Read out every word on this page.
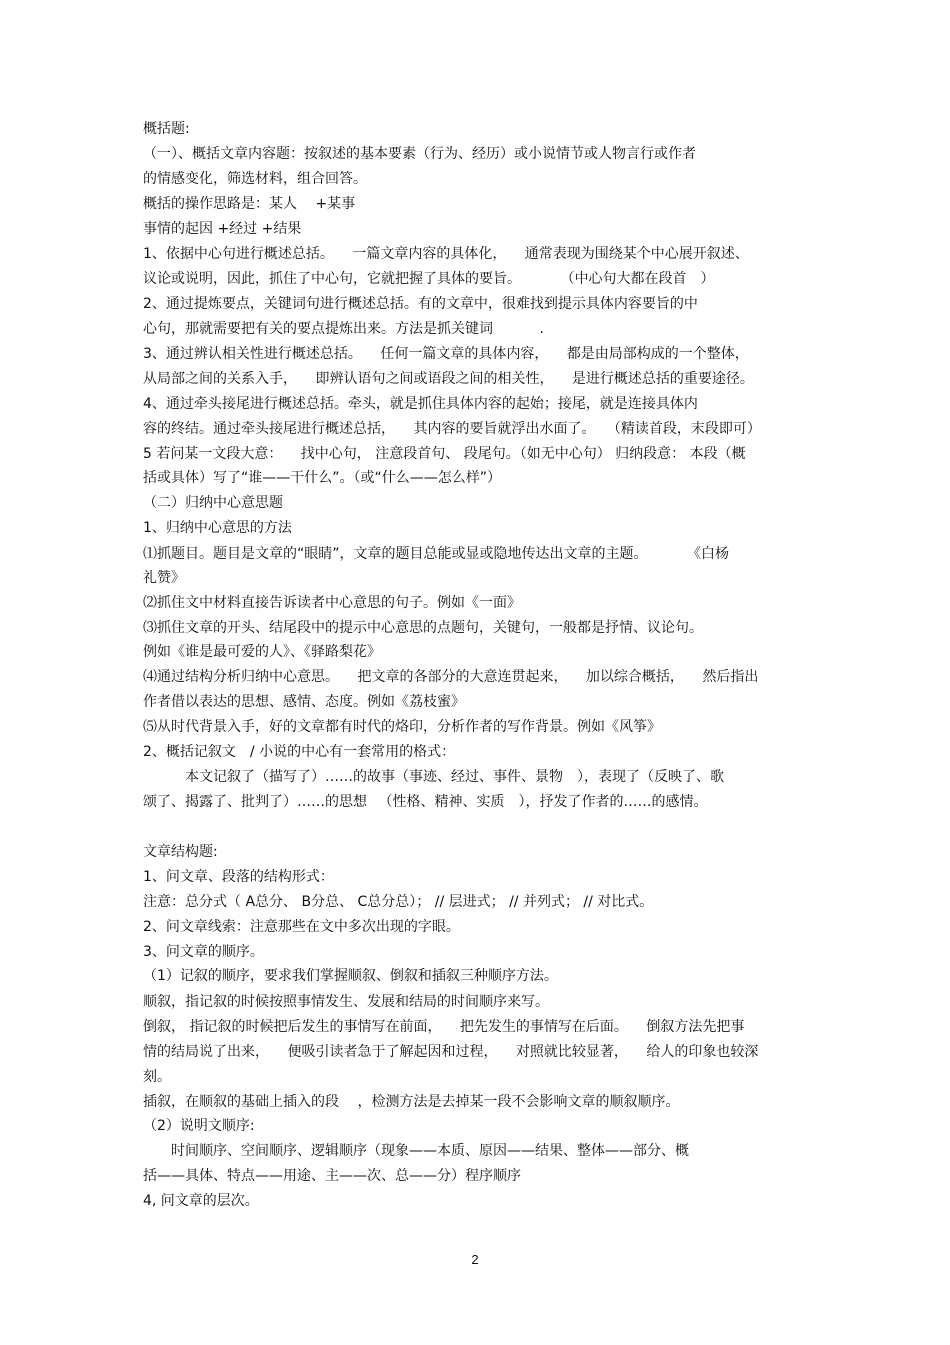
概括题:
（一）、概括文章内容题：按叙述的基本要素（行为、经历）或小说情节或人物言行或作者
的情感变化，筛选材料，组合回答。
概括的操作思路是：某人 　+某事
事情的起因 +经过 +结果
1、依据中心句进行概述总括。 　一篇文章内容的具体化， 　通常表现为围绕某个中心展开叙述、
议论或说明，因此，抓住了中心句，它就把握了具体的要旨。 　　　（中心句大都在段首　）
2、通过提炼要点，关键词句进行概述总括。有的文章中，很难找到提示具体内容要旨的中
心句，那就需要把有关的要点提炼出来。方法是抓关键词 　　　.
3、通过辨认相关性进行概述总括。 　任何一篇文章的具体内容， 　都是由局部构成的一个整体，
从局部之间的关系入手， 　即辨认语句之间或语段之间的相关性， 　是进行概述总括的重要途径。
4、通过牵头接尾进行概述总括。牵头，就是抓住具体内容的起始；接尾，就是连接具体内
容的终结。通过牵头接尾进行概述总括， 　其内容的要旨就浮出水面了。 　（精读首段，末段即可）
5 若问某一文段大意： 　找中心句， 注意段首句、 段尾句。（如无中心句） 归纳段意： 本段（概
括或具体）写了“谁——干什么”。（或“什么——怎么样”）
（二）归纳中心意思题
1、归纳中心意思的方法
⑴抓题目。题目是文章的“眼睛”，文章的题目总能或显或隐地传达出文章的主题。 　　　《白杨
礼赞》
⑵抓住文中材料直接告诉读者中心意思的句子。例如《一面》
⑶抓住文章的开头、结尾段中的提示中心意思的点题句，关键句，一般都是抒情、议论句。
例如《谁是最可爱的人》、《驿路梨花》
⑷通过结构分析归纳中心意思。 　把文章的各部分的大意连贯起来， 　加以综合概括， 　然后指出
作者借以表达的思想、感情、态度。例如《荔枝蜜》
⑸从时代背景入手，好的文章都有时代的烙印，分析作者的写作背景。例如《风筝》
2、概括记叙文　/ 小说的中心有一套常用的格式：
　　　本文记叙了（描写了）……的故事（事迹、经过、事件、景物　），表现了（反映了、歌
颂了、揭露了、批判了）……的思想 　（性格、精神、实质　），抒发了作者的……的感情。
文章结构题:
1、问文章、段落的结构形式：
注意：总分式（ A总分、 B分总、 C总分总）； // 层进式； // 并列式； // 对比式。
2、问文章线索：注意那些在文中多次出现的字眼。
3、问文章的顺序。
（1）记叙的顺序，要求我们掌握顺叙、倒叙和插叙三种顺序方法。
顺叙，指记叙的时候按照事情发生、发展和结局的时间顺序来写。
倒叙， 指记叙的时候把后发生的事情写在前面， 　把先发生的事情写在后面。 　倒叙方法先把事
情的结局说了出来， 　便吸引读者急于了解起因和过程， 　对照就比较显著， 　给人的印象也较深
刻。
插叙，在顺叙的基础上插入的段 　，检测方法是去掉某一段不会影响文章的顺叙顺序。
（2）说明文顺序:
　　时间顺序、空间顺序、逻辑顺序（现象——本质、原因——结果、整体——部分、概
括——具体、特点——用途、主——次、总——分）程序顺序
4, 问文章的层次。
2
